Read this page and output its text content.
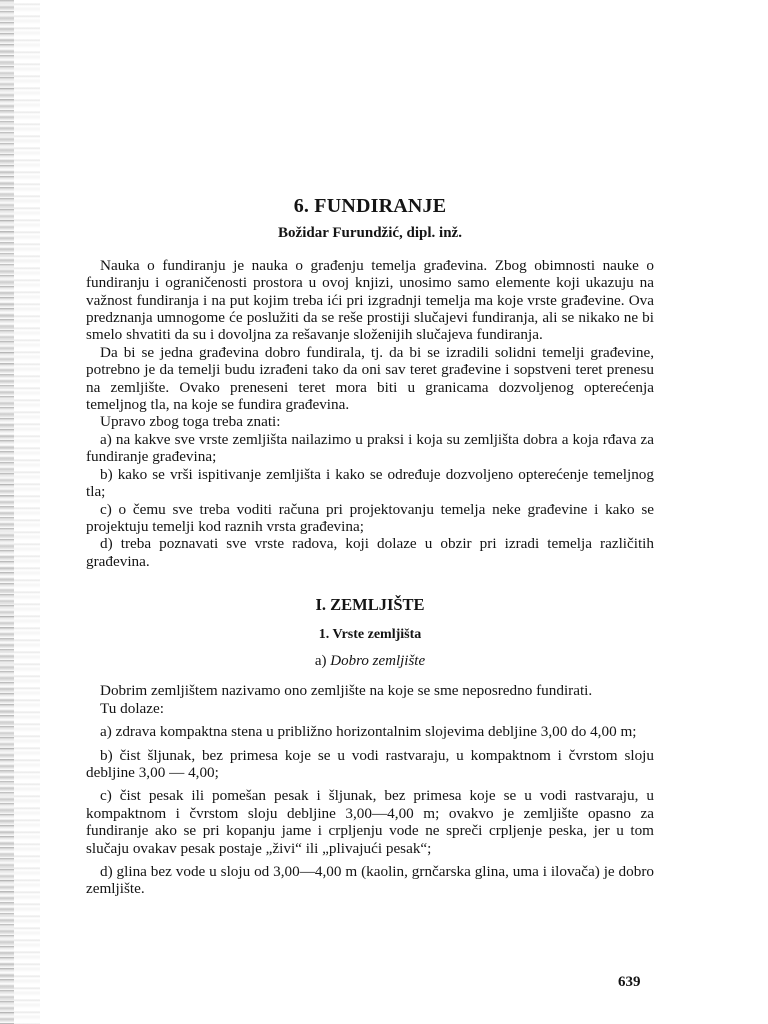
6. FUNDIRANJE
Božidar Furundžić, dipl. inž.

Nauka o fundiranju je nauka o građenju temelja građevina. Zbog obimnosti nauke o fundiranju i ograničenosti prostora u ovoj knjizi, unosimo samo elemente koji ukazuju na važnost fundiranja i na put kojim treba ići pri izgradnji temelja ma koje vrste građevine. Ova predznanja umnogome će poslužiti da se reše prostiji slučajevi fundiranja, ali se nikako ne bi smelo shvatiti da su i dovoljna za rešavanje složenijih slučajeva fundiranja.

Da bi se jedna građevina dobro fundirala, tj. da bi se izradili solidni temelji građevine, potrebno je da temelji budu izrađeni tako da oni sav teret građevine i sopstveni teret prenesu na zemljište. Ovako preneseni teret mora biti u granicama dozvoljenog opterećenja temeljnog tla, na koje se fundira građevina.

Upravo zbog toga treba znati:

a) na kakve sve vrste zemljišta nailazimo u praksi i koja su zemljišta dobra a koja rđava za fundiranje građevina;

b) kako se vrši ispitivanje zemljišta i kako se određuje dozvoljeno opterećenje temeljnog tla;

c) o čemu sve treba voditi računa pri projektovanju temelja neke građevine i kako se projektuju temelji kod raznih vrsta građevina;

d) treba poznavati sve vrste radova, koji dolaze u obzir pri izradi temelja različitih građevina.

I. ZEMLJIŠTE
1. Vrste zemljišta
a) Dobro zemljište

Dobrim zemljištem nazivamo ono zemljište na koje se sme neposredno fundirati.

Tu dolaze:

a) zdrava kompaktna stena u približno horizontalnim slojevima debljine 3,00 do 4,00 m;

b) čist šljunak, bez primesa koje se u vodi rastvaraju, u kompaktnom i čvrstom sloju debljine 3,00 — 4,00;

c) čist pesak ili pomešan pesak i šljunak, bez primesa koje se u vodi rastvaraju, u kompaktnom i čvrstom sloju debljine 3,00—4,00 m; ovakvo je zemljište opasno za fundiranje ako se pri kopanju jame i crpljenju vode ne spreči crpljenje peska, jer u tom slučaju ovakav pesak postaje „živi“ ili „plivajući pesak“;

d) glina bez vode u sloju od 3,00—4,00 m (kaolin, grnčarska glina, uma i ilovača) je dobro zemljište.

639
